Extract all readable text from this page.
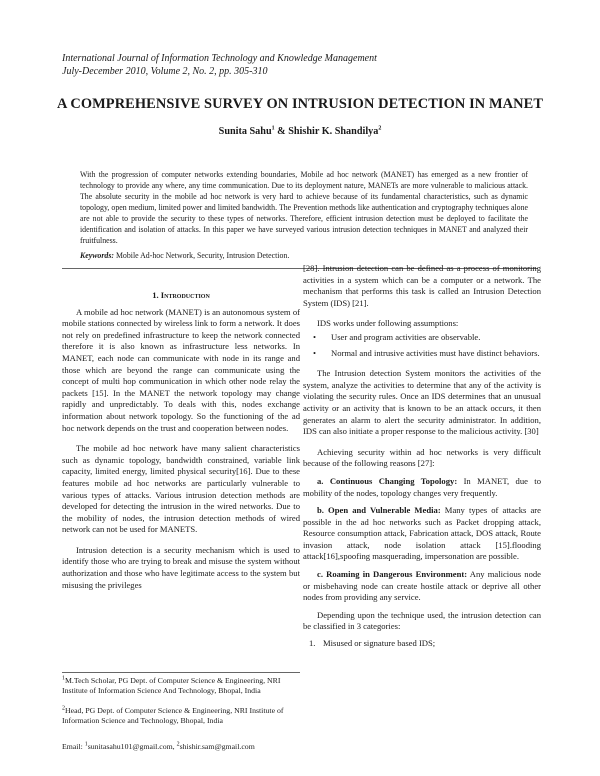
International Journal of Information Technology and Knowledge Management
July-December 2010, Volume 2, No. 2, pp. 305-310
A COMPREHENSIVE SURVEY ON INTRUSION DETECTION IN MANET
Sunita Sahu$^1$ & Shishir K. Shandilya$^2$
With the progression of computer networks extending boundaries, Mobile ad hoc network (MANET) has emerged as a new frontier of technology to provide any where, any time communication. Due to its deployment nature, MANETs are more vulnerable to malicious attack. The absolute security in the mobile ad hoc network is very hard to achieve because of its fundamental characteristics, such as dynamic topology, open medium, limited power and limited bandwidth. The Prevention methods like authentication and cryptography techniques alone are not able to provide the security to these types of networks. Therefore, efficient intrusion detection must be deployed to facilitate the identification and isolation of attacks. In this paper we have surveyed various intrusion detection techniques in MANET and analyzed their fruitfulness.
Keywords: Mobile Ad-hoc Network, Security, Intrusion Detection.
1. Introduction

A mobile ad hoc network (MANET) is an autonomous system of mobile stations connected by wireless link to form a network. It does not rely on predefined infrastructure to keep the network connected therefore it is also known as infrastructure less networks. In MANET, each node can communicate with node in its range and those which are beyond the range can communicate using the concept of multi hop communication in which other node relay the packets [15]. In the MANET the network topology may change rapidly and unpredictably. To deals with this, nodes exchange information about network topology. So the functioning of the ad hoc network depends on the trust and cooperation between nodes.

The mobile ad hoc network have many salient characteristics such as dynamic topology, bandwidth constrained, variable link capacity, limited energy, limited physical security[16]. Due to these features mobile ad hoc networks are particularly vulnerable to various types of attacks. Various intrusion detection methods are developed for detecting the intrusion in the wired networks. Due to the mobility of nodes, the intrusion detection methods of wired network can not be used for MANETS.

Intrusion detection is a security mechanism which is used to identify those who are trying to break and misuse the system without authorization and those who have legitimate access to the system but misusing the privileges

[28]. Intrusion detection can be defined as a process of monitoring activities in a system which can be a computer or a network. The mechanism that performs this task is called an Intrusion Detection System (IDS) [21].

IDS works under following assumptions:

• User and program activities are observable.
• Normal and intrusive activities must have distinct behaviors.

The Intrusion detection System monitors the activities of the system, analyze the activities to determine that any of the activity is violating the security rules. Once an IDS determines that an unusual activity or an activity that is known to be an attack occurs, it then generates an alarm to alert the security administrator. In addition, IDS can also initiate a proper response to the malicious activity. [30]

Achieving security within ad hoc networks is very difficult because of the following reasons [27]:

a. Continuous Changing Topology: In MANET, due to mobility of the nodes, topology changes very frequently.

b. Open and Vulnerable Media: Many types of attacks are possible in the ad hoc networks such as Packet dropping attack, Resource consumption attack, Fabrication attack, DOS attack, Route invasion attack, node isolation attack [15].flooding attack[16],spoofing masquerading, impersonation are possible.

c. Roaming in Dangerous Environment: Any malicious node or misbehaving node can create hostile attack or deprive all other nodes from providing any service.

Depending upon the technique used, the intrusion detection can be classified in 3 categories:

1. Misused or signature based IDS;
$^1$M.Tech Scholar, PG Dept. of Computer Science & Engineering, NRI Institute of Information Science And Technology, Bhopal, India
$^2$Head, PG Dept. of Computer Science & Engineering, NRI Institute of Information Science and Technology, Bhopal, India
Email: $^1$sunitasahu101@gmail.com, $^2$shishir.sam@gmail.com
